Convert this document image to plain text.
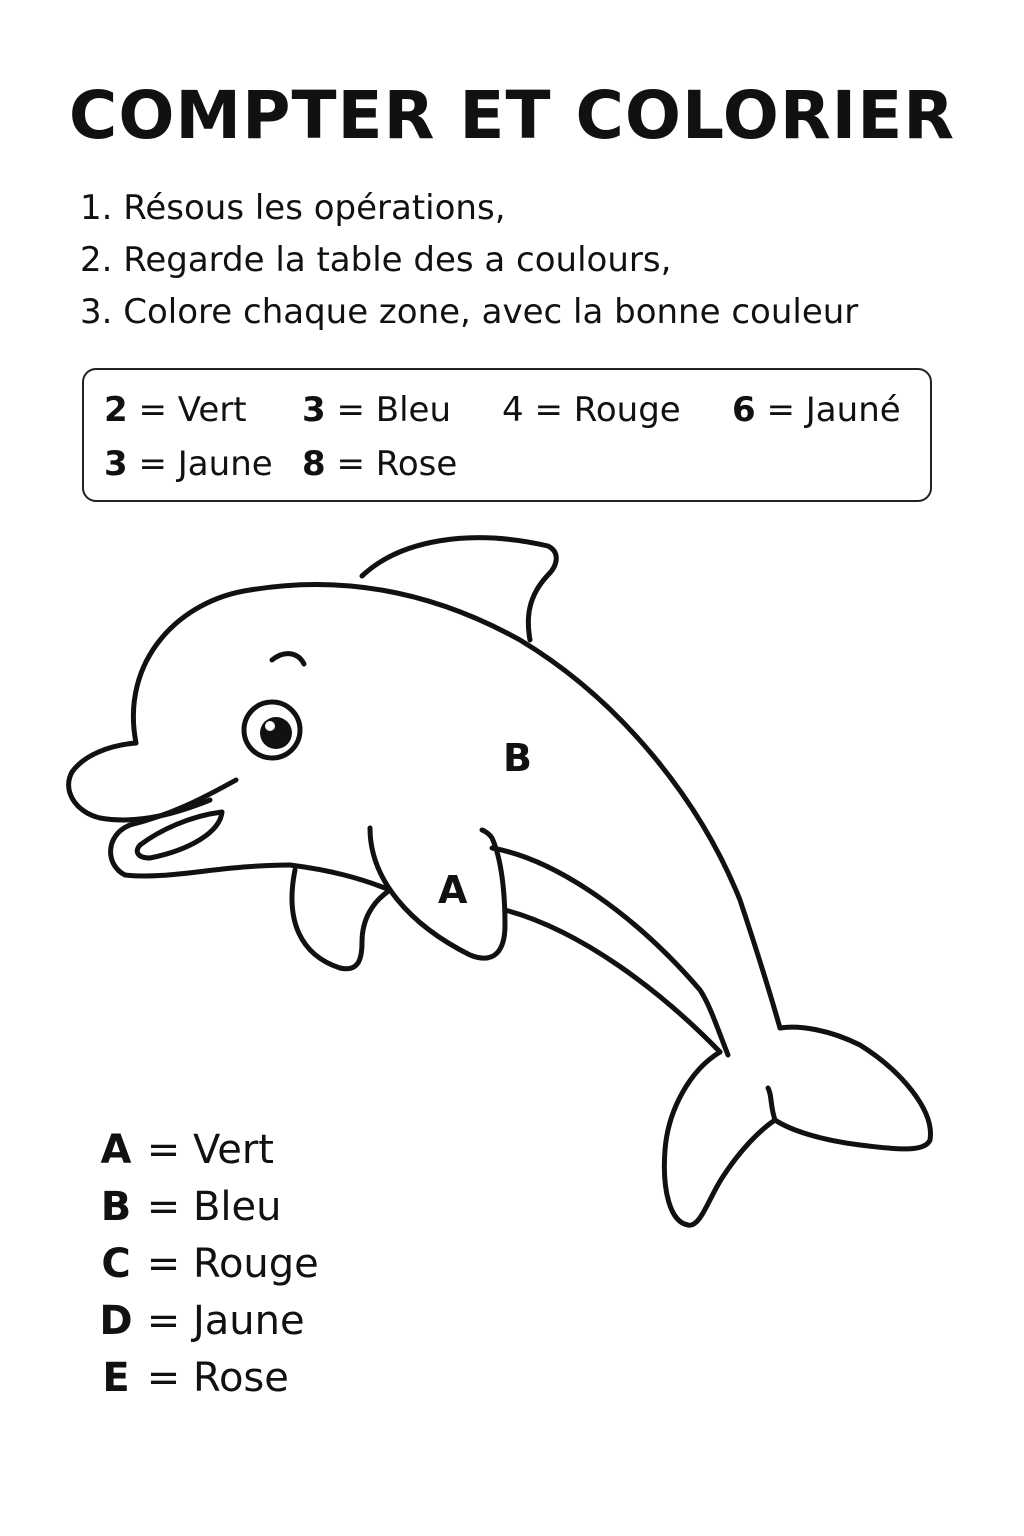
COMPTER ET COLORIER
1. Résous les opérations,
2. Regarde la table des a coulours,
3. Colore chaque zone, avec la bonne couleur
2 = Vert 3 = Bleu 4 = Rouge 6 = Jauné
3 = Jaune 8 = Rose
B
A
A = Vert
B = Bleu
C = Rouge
D = Jaune
E = Rose
